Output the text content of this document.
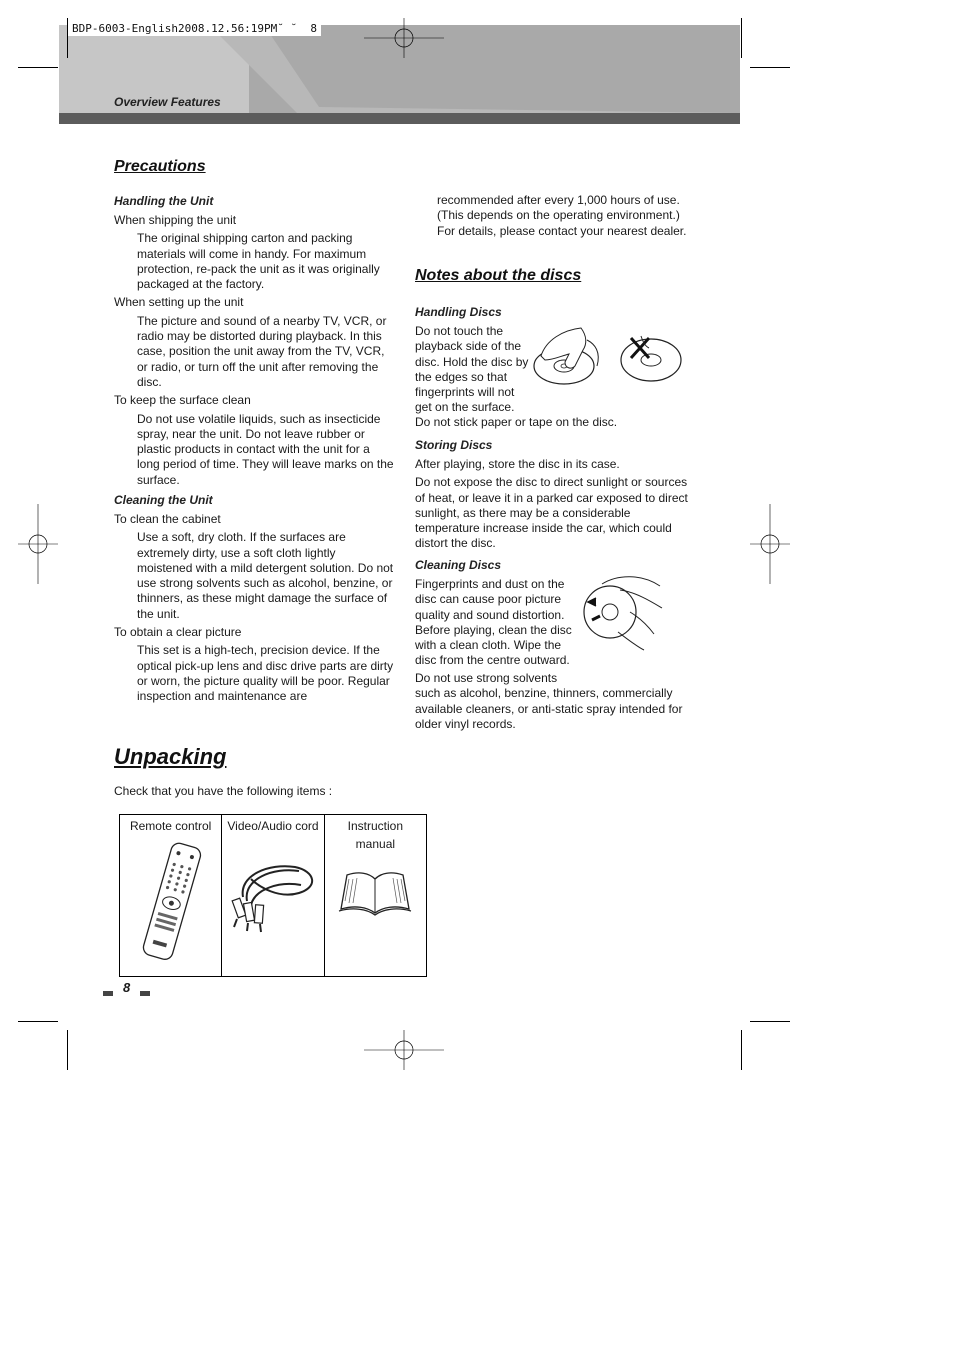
BDP-6003-English2008.12.56:19PM˘ ˘  8
Overview Features
Precautions
Handling the Unit
When shipping the unit
The original shipping carton and packing materials will come in handy. For maximum protection, re-pack the unit as it was originally packaged at the factory.
When setting up the unit
The picture and sound of a nearby TV, VCR, or radio may be distorted during playback. In this case, position the unit away from the TV, VCR, or radio, or turn off the unit after removing the disc.
To keep the surface clean
Do not use volatile liquids, such as insecticide spray, near the unit. Do not leave rubber or plastic products in contact with the unit for a long period of time. They will leave marks on the surface.
Cleaning the Unit
To clean the cabinet
Use a soft, dry cloth. If the surfaces are extremely dirty, use a soft cloth lightly moistened with a mild detergent solution. Do not use strong solvents such as alcohol, benzine, or thinners, as these might damage the surface of the unit.
To obtain a clear picture
This set is a high-tech, precision device. If the optical pick-up lens and disc drive parts are dirty or worn, the picture quality will be poor. Regular inspection and maintenance are
recommended after every 1,000 hours of use. (This depends on the operating environment.) For details, please contact your nearest dealer.
Notes about the discs
Handling Discs
Do not touch the playback side of the disc. Hold the disc by the edges so that fingerprints will not get on the surface.
Do not stick paper or tape on the disc.
Storing Discs
After playing, store the disc in its case.
Do not expose the disc to direct sunlight or sources of heat, or leave it in a parked car exposed to direct sunlight, as there may be a considerable temperature increase inside the car, which could distort the disc.
Cleaning Discs
Fingerprints and dust on the disc can cause poor picture quality and sound distortion. Before playing, clean the disc with a clean cloth. Wipe the disc from the centre outward.
Do not use strong solvents
such as alcohol, benzine, thinners, commercially available cleaners, or anti-static spray intended for older vinyl records.
Unpacking
Check that you have the following items :
Remote control	Video/Audio cord	Instruction manual
8
